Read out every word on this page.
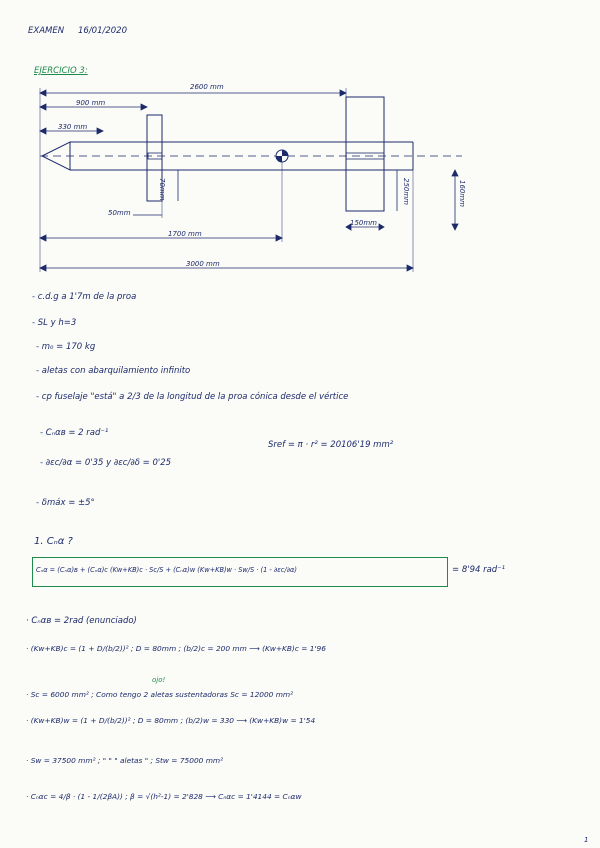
EXAMEN 16/01/2020
EJERCICIO 3:
2600 mm
900 mm
330 mm
50mm
70mm
1700 mm
3000 mm
150mm
250mm	160mm
- c.d.g a 1'7m de la proa
- SL y h=3
- m₀ = 170 kg
- aletas con abarquilamiento infinito
- cp fuselaje "está" a 2/3 de la longitud de la proa cónica desde el vértice
- Cₙαʙ = 2 rad⁻¹
- ∂εc/∂α = 0'35 y ∂εc/∂δ = 0'25
- δmáx = ±5°
Sref = π · r² = 20106'19 mm²
1. Cₙα ?
Cₙα = (Cₙα)ʙ + (Cₙα)c (Kw+KB)c · Sc/S + (Cₙα)w (Kw+KB)w · Sw/S · (1 - ∂εc/∂α)	= 8'94 rad⁻¹
· Cₙαʙ = 2rad (enunciado)
· (Kw+KB)c = (1 + D/(b/2))² ; D = 80mm ; (b/2)c = 200 mm ⟶ (Kw+KB)c = 1'96
ojo!
· Sc = 6000 mm² ; Como tengo 2 aletas sustentadoras Sc = 12000 mm²
· (Kw+KB)w = (1 + D/(b/2))² ; D = 80mm ; (b/2)w = 330 ⟶ (Kw+KB)w = 1'54
· Sw = 37500 mm² ; " " " aletas " ; Stw = 75000 mm²
· Cₙαc = 4/β · (1 - 1/(2βA)) ; β = √(h²-1) = 2'828 ⟶ Cₙαc = 1'4144 = Cₙαw
1
